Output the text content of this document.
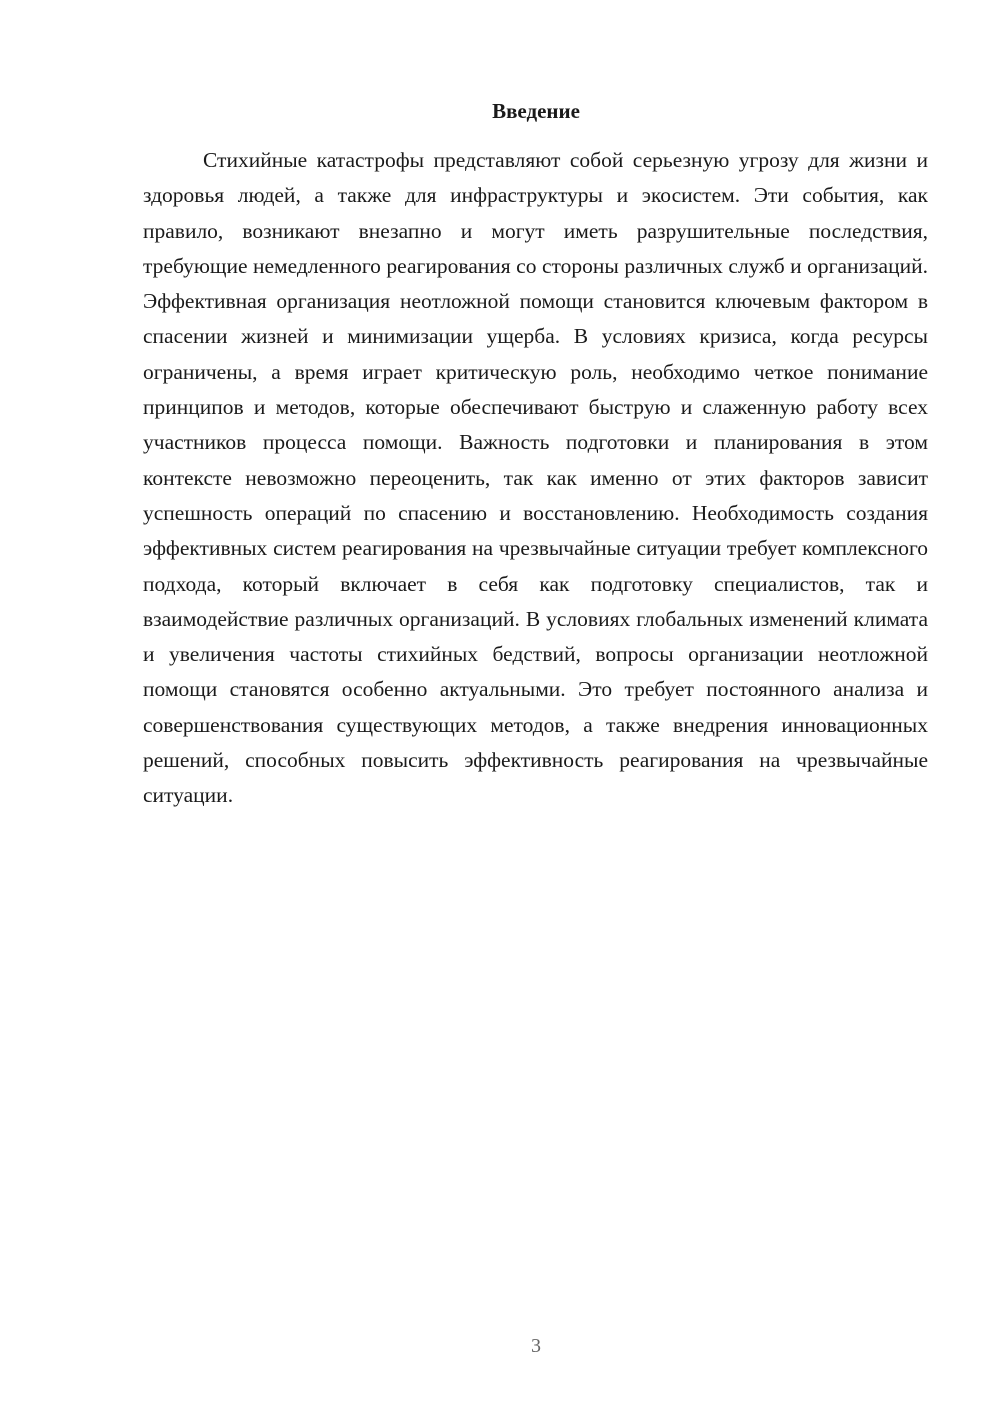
Введение

Стихийные катастрофы представляют собой серьезную угрозу для жизни и здоровья людей, а также для инфраструктуры и экосистем. Эти события, как правило, возникают внезапно и могут иметь разрушительные последствия, требующие немедленного реагирования со стороны различных служб и организаций. Эффективная организация неотложной помощи становится ключевым фактором в спасении жизней и минимизации ущерба. В условиях кризиса, когда ресурсы ограничены, а время играет критическую роль, необходимо четкое понимание принципов и методов, которые обеспечивают быструю и слаженную работу всех участников процесса помощи. Важность подготовки и планирования в этом контексте невозможно переоценить, так как именно от этих факторов зависит успешность операций по спасению и восстановлению. Необходимость создания эффективных систем реагирования на чрезвычайные ситуации требует комплексного подхода, который включает в себя как подготовку специалистов, так и взаимодействие различных организаций. В условиях глобальных изменений климата и увеличения частоты стихийных бедствий, вопросы организации неотложной помощи становятся особенно актуальными. Это требует постоянного анализа и совершенствования существующих методов, а также внедрения инновационных решений, способных повысить эффективность реагирования на чрезвычайные ситуации.

3
